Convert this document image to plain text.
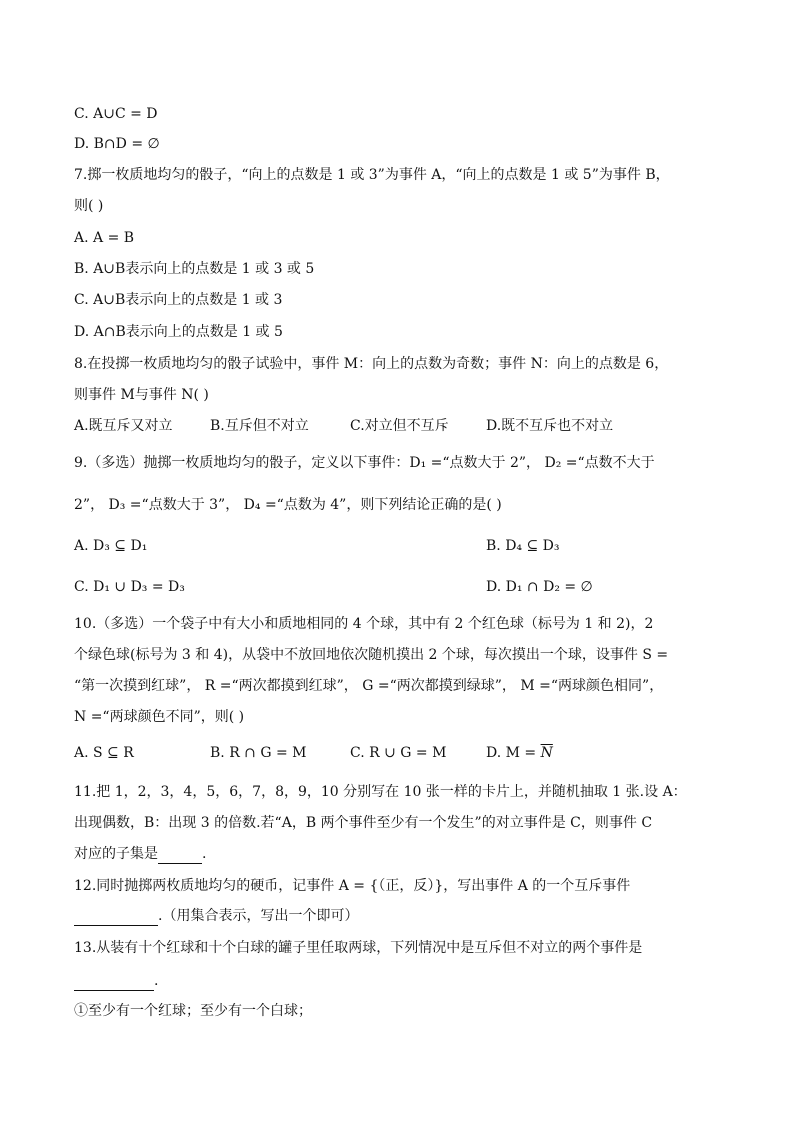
C. A∪C = D
D. B∩D = ∅
7.掷一枚质地均匀的骰子，“向上的点数是 1 或 3”为事件 A，“向上的点数是 1 或 5”为事件 B，
则( )
A. A = B
B. A∪B表示向上的点数是 1 或 3 或 5
C. A∪B表示向上的点数是 1 或 3
D. A∩B表示向上的点数是 1 或 5
8.在投掷一枚质地均匀的骰子试验中，事件 M：向上的点数为奇数；事件 N：向上的点数是 6，
则事件 M与事件 N( )
A.既互斥又对立	B.互斥但不对立	C.对立但不互斥	D.既不互斥也不对立
9.（多选）抛掷一枚质地均匀的骰子，定义以下事件：D₁ =“点数大于 2”， D₂ =“点数不大于
2”， D₃ =“点数大于 3”， D₄ =“点数为 4”，则下列结论正确的是( )
A. D₃ ⊆ D₁	B. D₄ ⊆ D₃
C. D₁ ∪ D₃ = D₃	D. D₁ ∩ D₂ = ∅
10.（多选）一个袋子中有大小和质地相同的 4 个球，其中有 2 个红色球（标号为 1 和 2)，2
个绿色球(标号为 3 和 4)，从袋中不放回地依次随机摸出 2 个球，每次摸出一个球，设事件 S =
“第一次摸到红球”， R =“两次都摸到红球”， G =“两次都摸到绿球”， M =“两球颜色相同”，
N =“两球颜色不同”，则( )
A. S ⊆ R	B. R ∩ G = M	C. R ∪ G = M	D. $M = \overline{N}$
11.把 1，2，3，4，5，6，7，8，9，10 分别写在 10 张一样的卡片上，并随机抽取 1 张.设 A：
出现偶数，B：出现 3 的倍数.若“A，B 两个事件至少有一个发生”的对立事件是 C，则事件 C
对应的子集是	.
12.同时抛掷两枚质地均匀的硬币，记事件 A = {（正，反）}，写出事件 A 的一个互斥事件
.（用集合表示，写出一个即可）
13.从装有十个红球和十个白球的罐子里任取两球，下列情况中是互斥但不对立的两个事件是
.
①至少有一个红球；至少有一个白球；
